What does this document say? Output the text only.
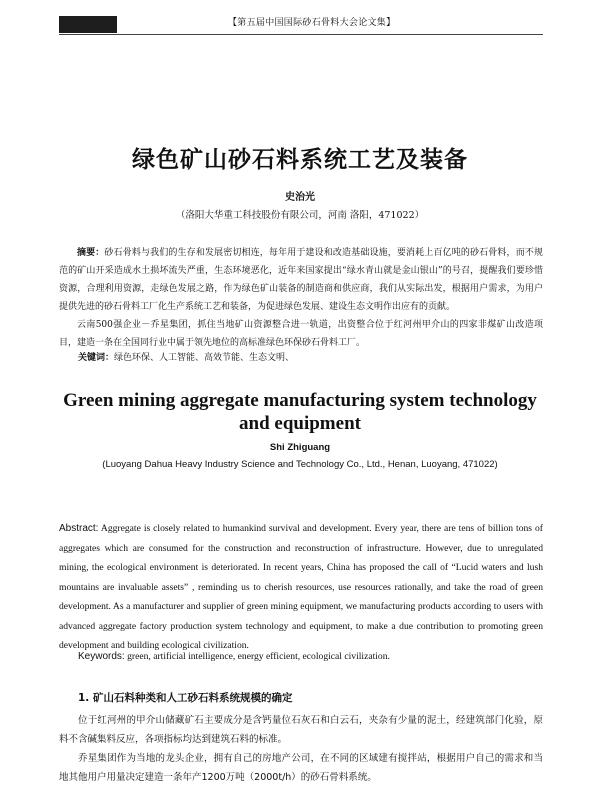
【第五届中国国际砂石骨料大会论文集】
绿色矿山砂石料系统工艺及装备
史治光
（洛阳大华重工科技股份有限公司，河南 洛阳，471022）

摘要：砂石骨料与我们的生存和发展密切相连，每年用于建设和改造基础设施，要消耗上百亿吨的砂石骨料，而不规范的矿山开采造成水土损坏流失严重，生态环境恶化，近年来国家提出“绿水青山就是金山银山”的号召，提醒我们要珍惜资源，合理利用资源，走绿色发展之路，作为绿色矿山装备的制造商和供应商，我们从实际出发，根据用户需求，为用户提供先进的砂石骨料工厂化生产系统工艺和装备，为促进绿色发展、建设生态文明作出应有的贡献。

云南500强企业－乔星集团，抓住当地矿山资源整合进一轨道，出资整合位于红河州甲介山的四家非煤矿山改造项目，建造一条在全国同行业中属于领先地位的高标准绿色环保砂石骨料工厂。

关键词：绿色环保、人工智能、高效节能、生态文明、
Green mining aggregate manufacturing system technology
and equipment
Shi Zhiguang
(Luoyang Dahua Heavy Industry Science and Technology Co., Ltd., Henan, Luoyang, 471022)
Abstract: Aggregate is closely related to humankind survival and development. Every year, there are tens of billion tons of aggregates which are consumed for the construction and reconstruction of infrastructure. However, due to unregulated mining, the ecological environment is deteriorated. In recent years, China has proposed the call of “Lucid waters and lush mountains are invaluable assets” , reminding us to cherish resources, use resources rationally, and take the road of green development. As a manufacturer and supplier of green mining equipment, we manufacturing products according to users with advanced aggregate factory production system technology and equipment, to make a due contribution to promoting green development and building ecological civilization.
Keywords: green, artificial intelligence, energy efficient, ecological civilization.
1. 矿山石料种类和人工砂石料系统规模的确定

位于红河州的甲介山储藏矿石主要成分是含钙量位石灰石和白云石，夹杂有少量的泥土，经建筑部门化验，原料不含碱集料反应，各项指标均达到建筑石料的标准。

乔星集团作为当地的龙头企业，拥有自己的房地产公司，在不同的区域建有搅拌站，根据用户自己的需求和当地其他用户用量决定建造一条年产1200万吨（2000t/h）的砂石骨料系统。
